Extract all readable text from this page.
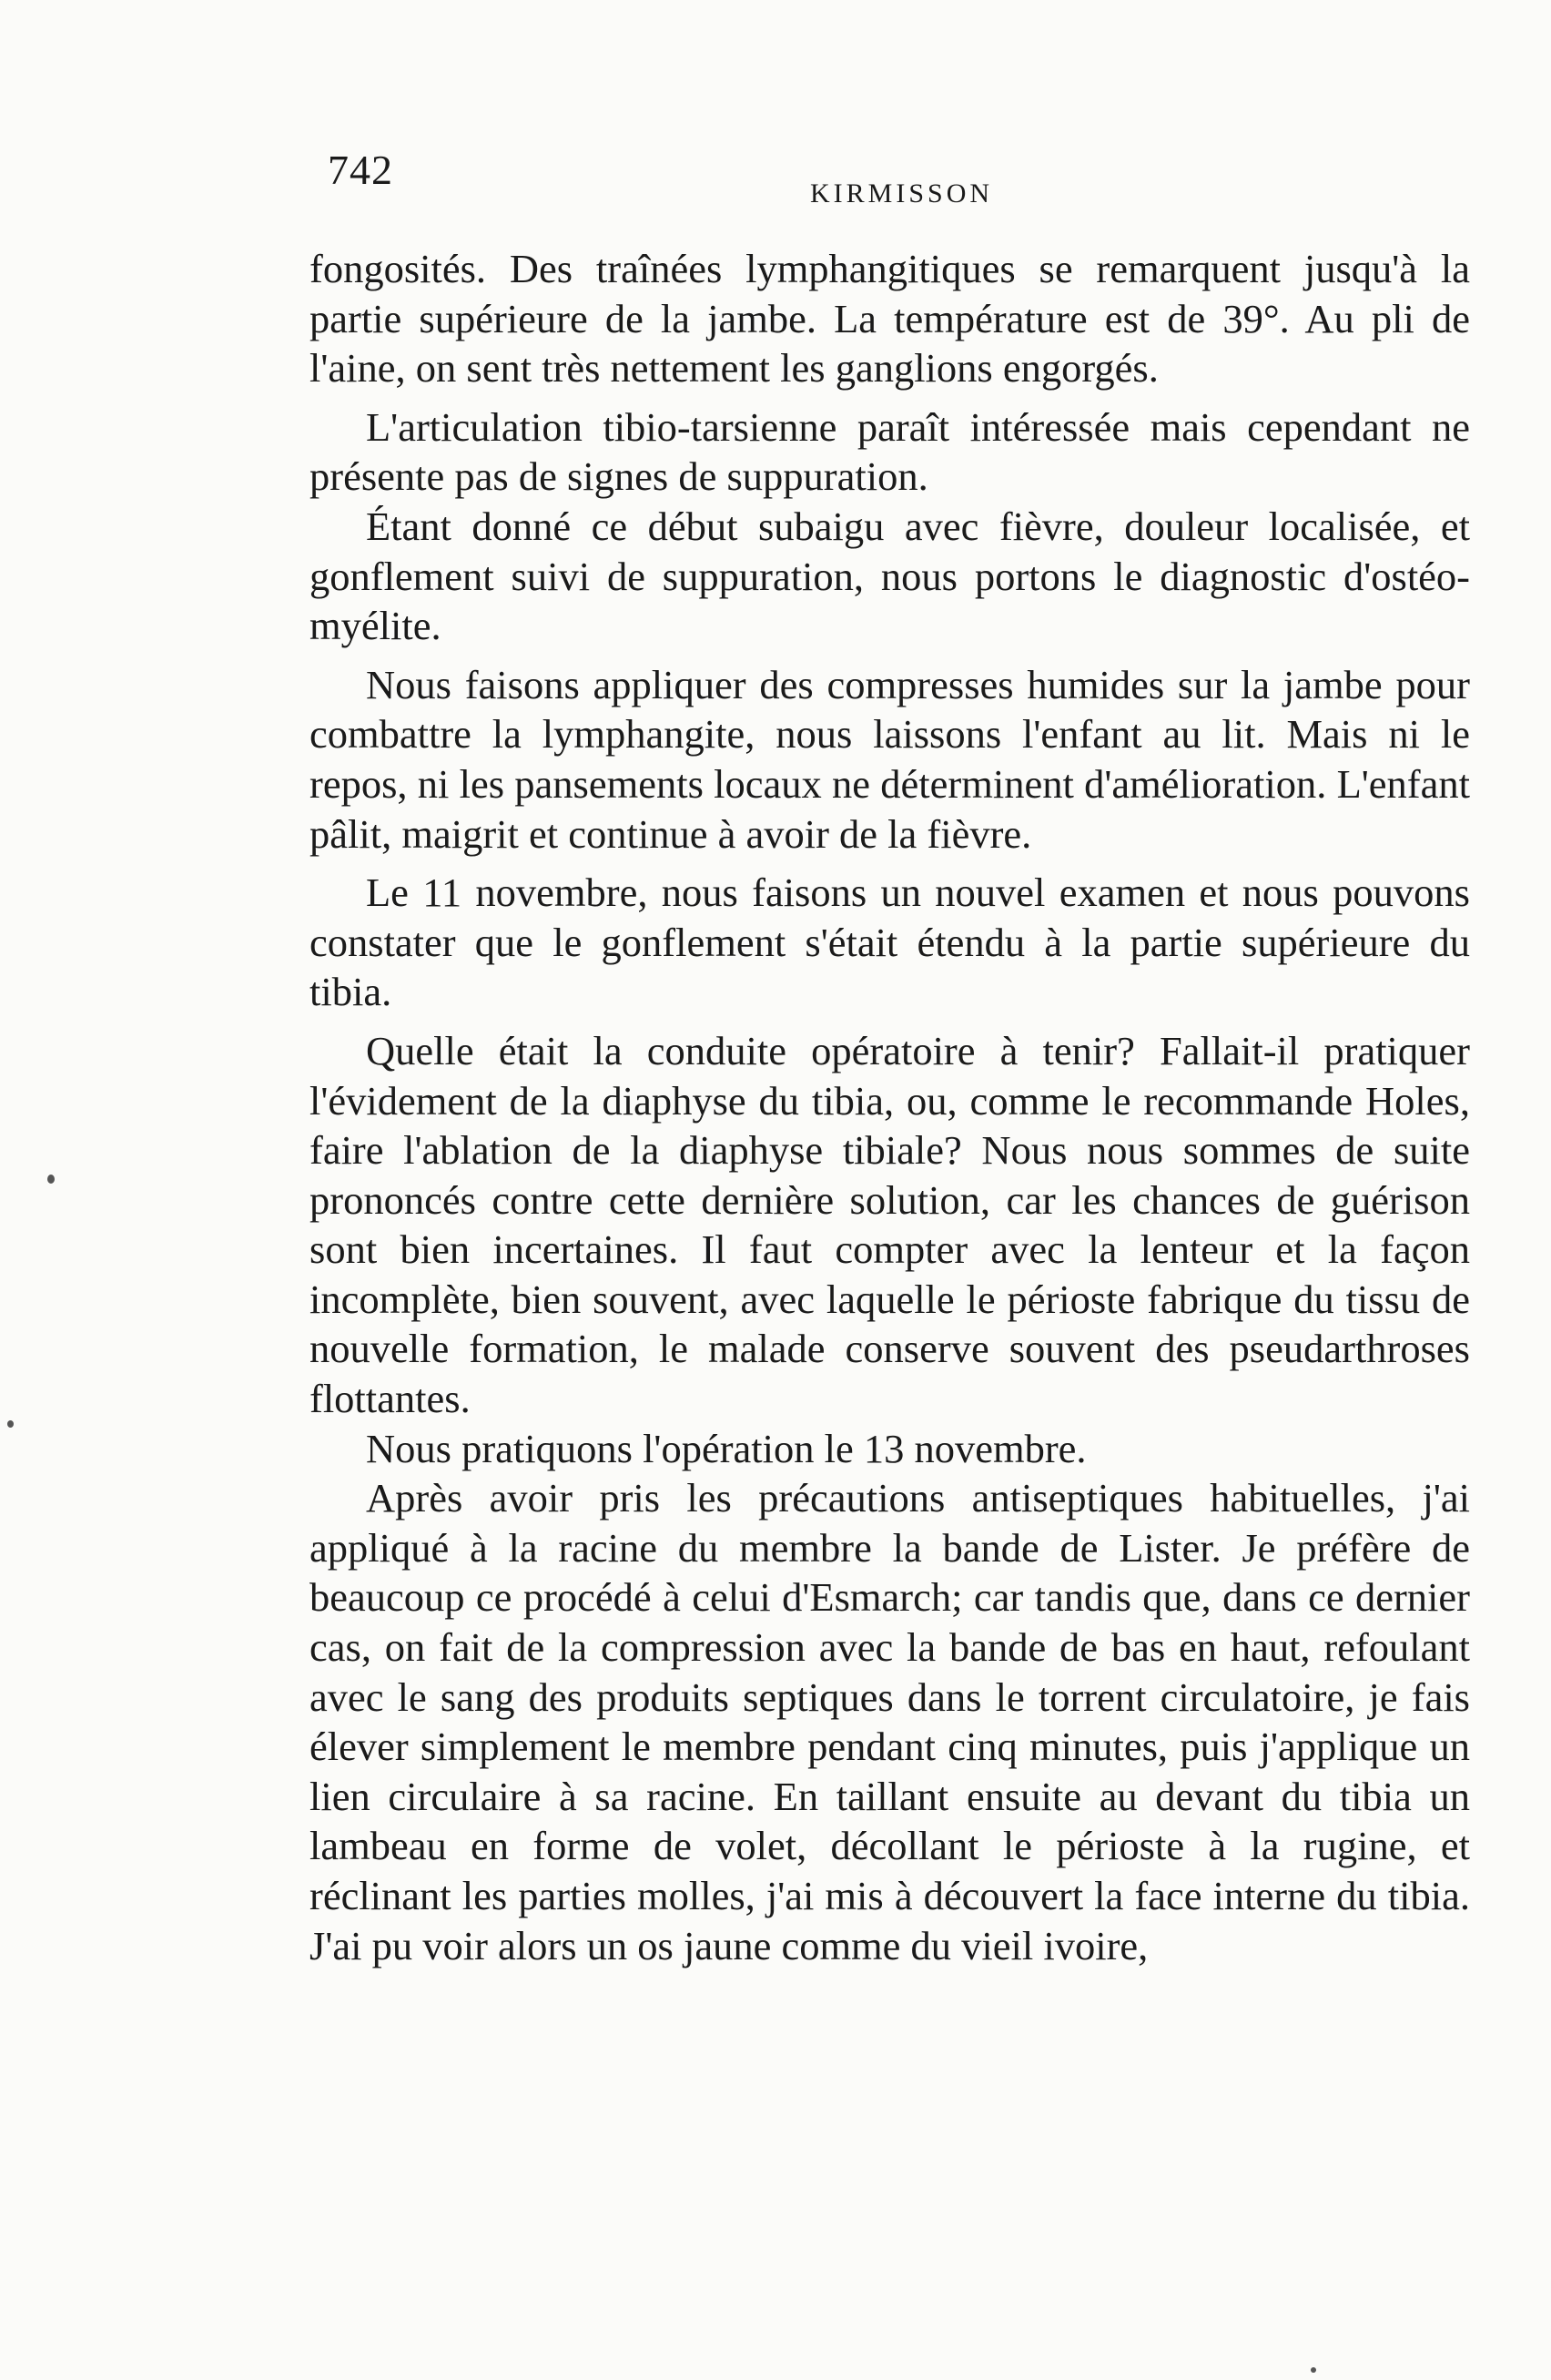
742
KIRMISSON

fongosités. Des traînées lymphangitiques se remarquent jusqu'à la partie supérieure de la jambe. La température est de 39°. Au pli de l'aine, on sent très nettement les ganglions engorgés.

L'articulation tibio-tarsienne paraît intéressée mais cependant ne présente pas de signes de suppuration.

Étant donné ce début subaigu avec fièvre, douleur localisée, et gonflement suivi de suppuration, nous portons le diagnostic d'ostéo-myélite.

Nous faisons appliquer des compresses humides sur la jambe pour combattre la lymphangite, nous laissons l'enfant au lit. Mais ni le repos, ni les pansements locaux ne déterminent d'amélioration. L'enfant pâlit, maigrit et continue à avoir de la fièvre.

Le 11 novembre, nous faisons un nouvel examen et nous pouvons constater que le gonflement s'était étendu à la partie supérieure du tibia.

Quelle était la conduite opératoire à tenir? Fallait-il pratiquer l'évidement de la diaphyse du tibia, ou, comme le recommande Holes, faire l'ablation de la diaphyse tibiale? Nous nous sommes de suite prononcés contre cette dernière solution, car les chances de guérison sont bien incertaines. Il faut compter avec la lenteur et la façon incomplète, bien souvent, avec laquelle le périoste fabrique du tissu de nouvelle formation, le malade conserve souvent des pseudarthroses flottantes.

Nous pratiquons l'opération le 13 novembre.

Après avoir pris les précautions antiseptiques habituelles, j'ai appliqué à la racine du membre la bande de Lister. Je préfère de beaucoup ce procédé à celui d'Esmarch; car tandis que, dans ce dernier cas, on fait de la compression avec la bande de bas en haut, refoulant avec le sang des produits septiques dans le torrent circulatoire, je fais élever simplement le membre pendant cinq minutes, puis j'applique un lien circulaire à sa racine. En taillant ensuite au devant du tibia un lambeau en forme de volet, décollant le périoste à la rugine, et réclinant les parties molles, j'ai mis à découvert la face interne du tibia. J'ai pu voir alors un os jaune comme du vieil ivoire,
